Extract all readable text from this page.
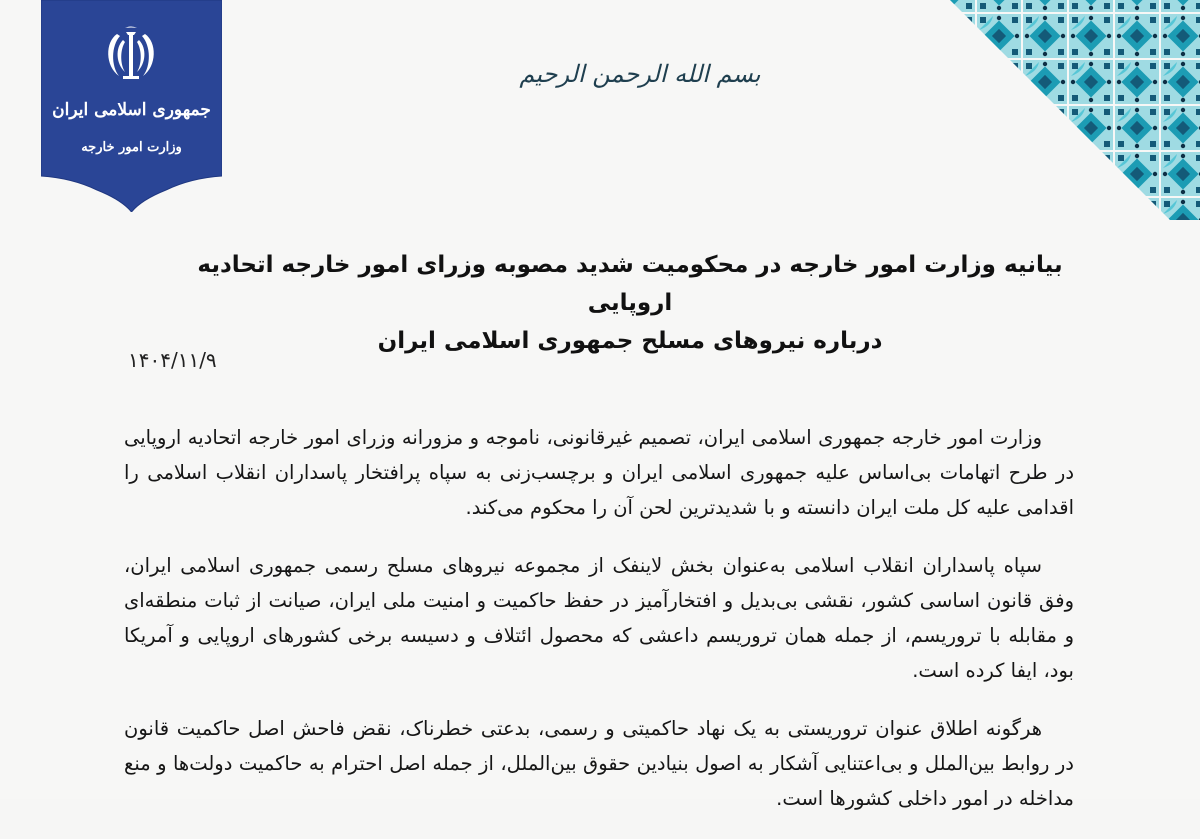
جمهوری اسلامی ایران
وزارت امور خارجه
بسم الله الرحمن الرحیم
بیانیه وزارت امور خارجه در محکومیت شدید مصوبه وزرای امور خارجه اتحادیه اروپایی
درباره نیروهای مسلح جمهوری اسلامی ایران
۱۴۰۴/۱۱/۹

وزارت امور خارجه جمهوری اسلامی ایران، تصمیم غیرقانونی، ناموجه و مزورانه وزرای امور خارجه اتحادیه اروپایی در طرح اتهامات بی‌اساس علیه جمهوری اسلامی ایران و برچسب‌زنی به سپاه پرافتخار پاسداران انقلاب اسلامی را اقدامی علیه کل ملت ایران دانسته و با شدیدترین لحن آن را محکوم می‌کند.

سپاه پاسداران انقلاب اسلامی به‌عنوان بخش لاینفک از مجموعه نیروهای مسلح رسمی جمهوری اسلامی ایران، وفق قانون اساسی کشور، نقشی بی‌بدیل و افتخارآمیز در حفظ حاکمیت و امنیت ملی ایران، صیانت از ثبات منطقه‌ای و مقابله با تروریسم، از جمله همان تروریسم داعشی که محصول ائتلاف و دسیسه برخی کشورهای اروپایی و آمریکا بود، ایفا کرده است.

هرگونه اطلاق عنوان تروریستی به یک نهاد حاکمیتی و رسمی، بدعتی خطرناک، نقض فاحش اصل حاکمیت قانون در روابط بین‌الملل و بی‌اعتنایی آشکار به اصول بنیادین حقوق بین‌الملل، از جمله اصل احترام به حاکمیت دولت‌ها و منع مداخله در امور داخلی کشورها است.
